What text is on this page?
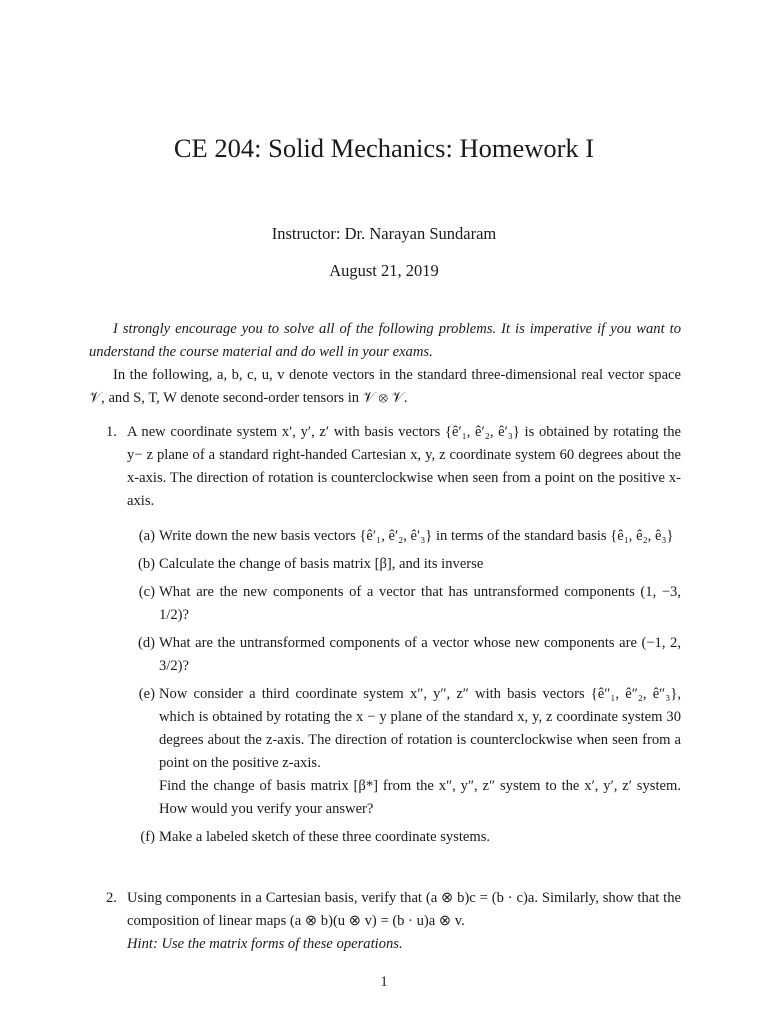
CE 204: Solid Mechanics: Homework I
Instructor: Dr. Narayan Sundaram
August 21, 2019
I strongly encourage you to solve all of the following problems. It is imperative if you want to understand the course material and do well in your exams.
In the following, a, b, c, u, v denote vectors in the standard three-dimensional real vector space 𝒱, and S, T, W denote second-order tensors in 𝒱 ⊗ 𝒱.
1. A new coordinate system x′, y′, z′ with basis vectors {ê′₁, ê′₂, ê′₃} is obtained by rotating the y− z plane of a standard right-handed Cartesian x, y, z coordinate system 60 degrees about the x-axis. The direction of rotation is counterclockwise when seen from a point on the positive x-axis.
(a) Write down the new basis vectors {ê′₁, ê′₂, ê′₃} in terms of the standard basis {ê₁, ê₂, ê₃}
(b) Calculate the change of basis matrix [β], and its inverse
(c) What are the new components of a vector that has untransformed components (1, −3, 1/2)?
(d) What are the untransformed components of a vector whose new components are (−1, 2, 3/2)?
(e) Now consider a third coordinate system x″, y″, z″ with basis vectors {ê″₁, ê″₂, ê″₃}, which is obtained by rotating the x − y plane of the standard x, y, z coordinate system 30 degrees about the z-axis. The direction of rotation is counterclockwise when seen from a point on the positive z-axis.
Find the change of basis matrix [β*] from the x″, y″, z″ system to the x′, y′, z′ system. How would you verify your answer?
(f) Make a labeled sketch of these three coordinate systems.
2. Using components in a Cartesian basis, verify that (a ⊗ b)c = (b · c)a. Similarly, show that the composition of linear maps (a ⊗ b)(u ⊗ v) = (b · u)a ⊗ v.
Hint: Use the matrix forms of these operations.
1
